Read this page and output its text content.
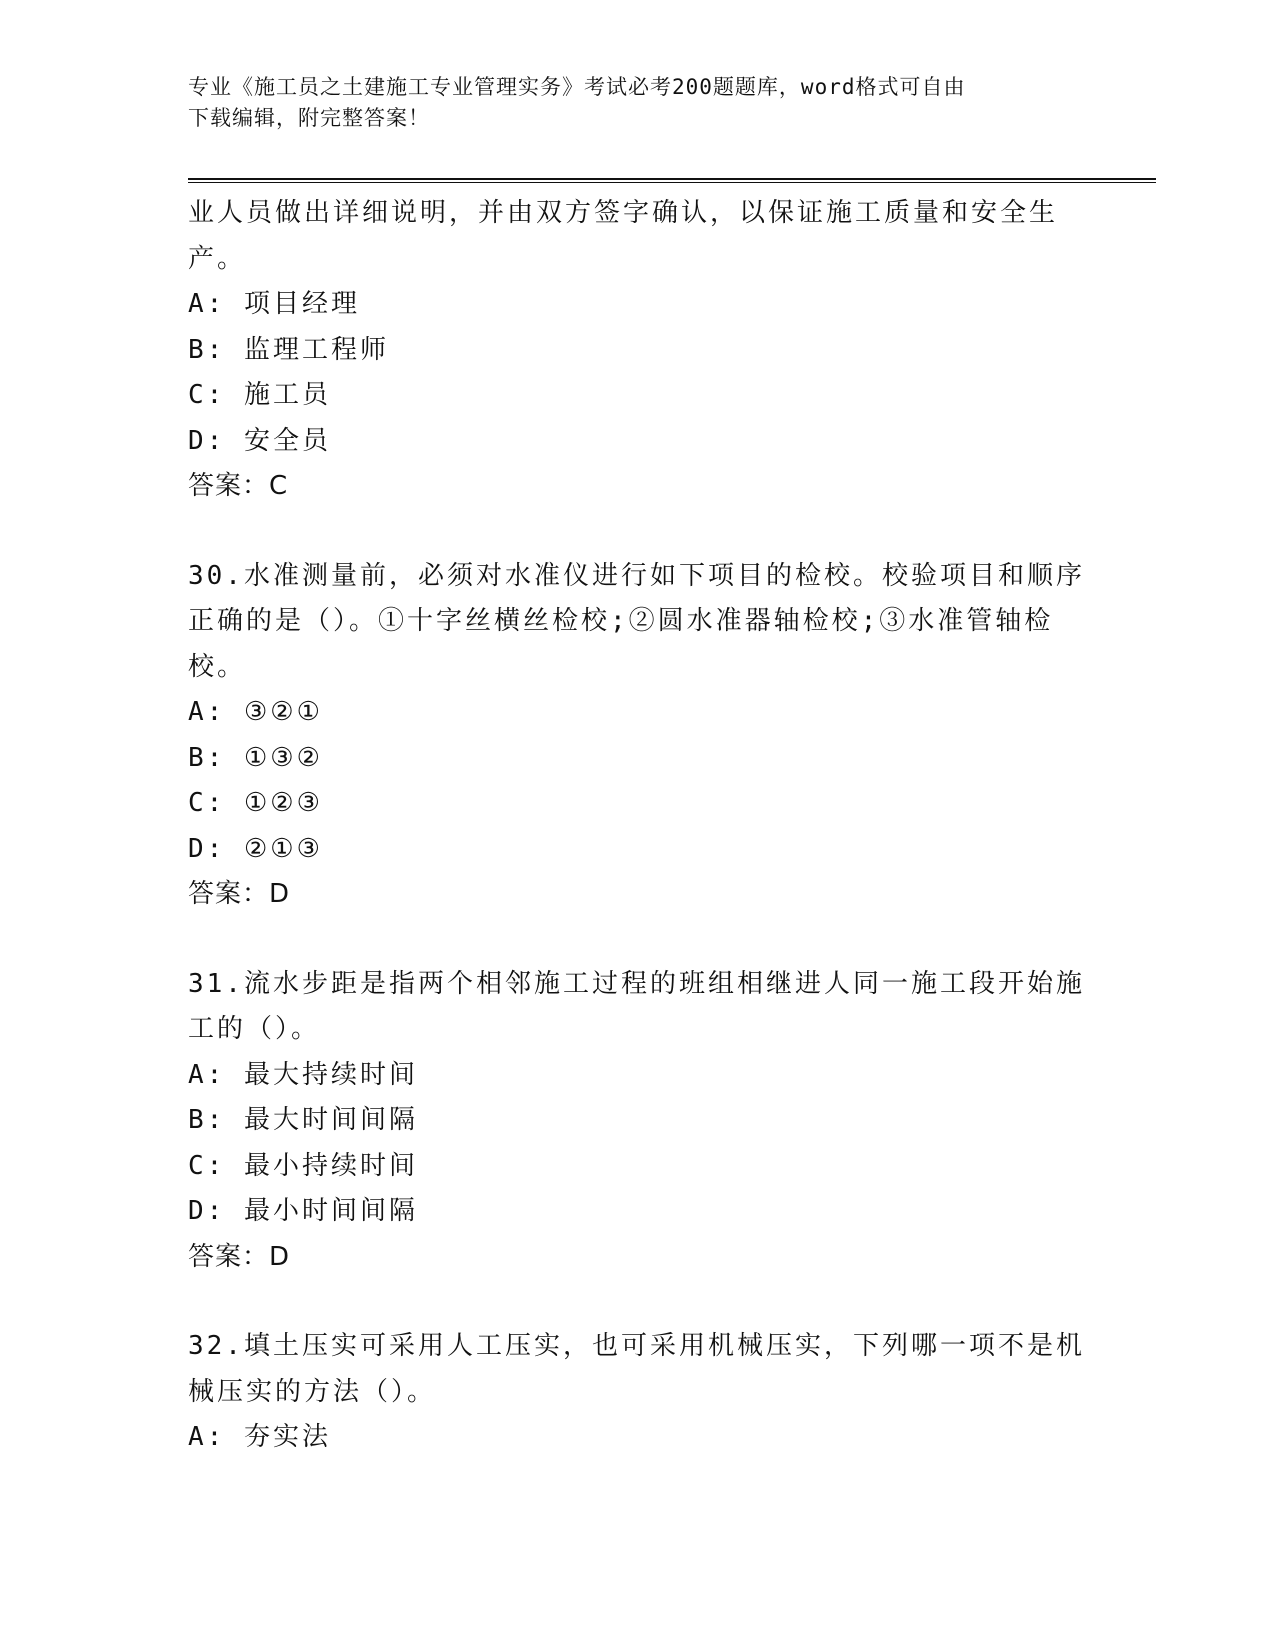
专业《施工员之土建施工专业管理实务》考试必考200题题库，word格式可自由
下载编辑，附完整答案！
业人员做出详细说明，并由双方签字确认，以保证施工质量和安全生
产。
A: 项目经理
B: 监理工程师
C: 施工员
D: 安全员
答案：C
30.水准测量前，必须对水准仪进行如下项目的检校。校验项目和顺序
正确的是（）。①十字丝横丝检校;②圆水准器轴检校;③水准管轴检
校。
A: ③②①
B: ①③②
C: ①②③
D: ②①③
答案：D
31.流水步距是指两个相邻施工过程的班组相继进人同一施工段开始施
工的（）。
A: 最大持续时间
B: 最大时间间隔
C: 最小持续时间
D: 最小时间间隔
答案：D
32.填土压实可采用人工压实，也可采用机械压实，下列哪一项不是机
械压实的方法（）。
A: 夯实法
